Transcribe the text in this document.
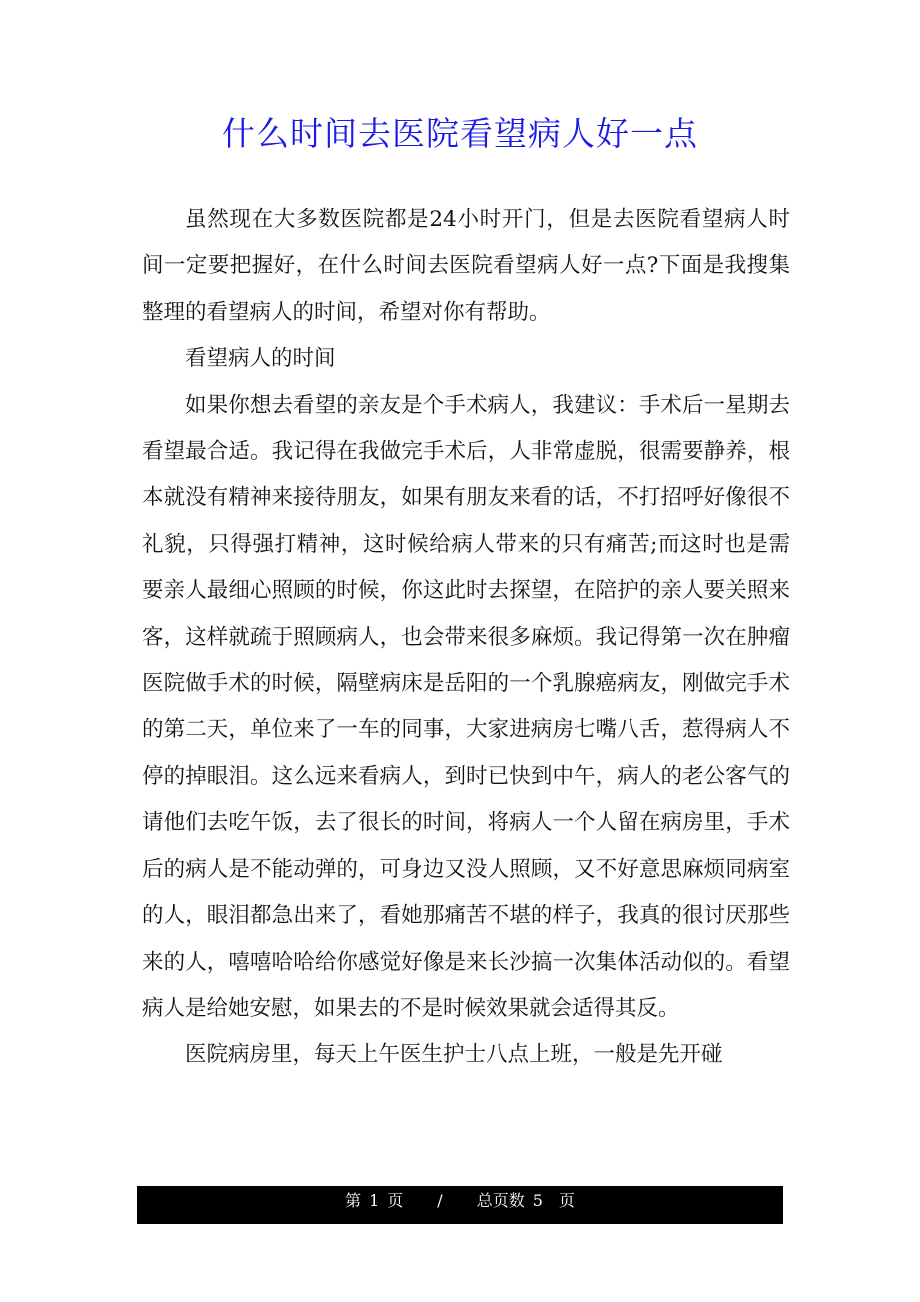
什么时间去医院看望病人好一点

虽然现在大多数医院都是24小时开门，但是去医院看望病人时间一定要把握好，在什么时间去医院看望病人好一点?下面是我搜集整理的看望病人的时间，希望对你有帮助。

看望病人的时间

如果你想去看望的亲友是个手术病人，我建议：手术后一星期去看望最合适。我记得在我做完手术后，人非常虚脱，很需要静养，根本就没有精神来接待朋友，如果有朋友来看的话，不打招呼好像很不礼貌，只得强打精神，这时候给病人带来的只有痛苦;而这时也是需要亲人最细心照顾的时候，你这此时去探望，在陪护的亲人要关照来客，这样就疏于照顾病人，也会带来很多麻烦。我记得第一次在肿瘤医院做手术的时候，隔壁病床是岳阳的一个乳腺癌病友，刚做完手术的第二天，单位来了一车的同事，大家进病房七嘴八舌，惹得病人不停的掉眼泪。这么远来看病人，到时已快到中午，病人的老公客气的请他们去吃午饭，去了很长的时间，将病人一个人留在病房里，手术后的病人是不能动弹的，可身边又没人照顾，又不好意思麻烦同病室的人，眼泪都急出来了，看她那痛苦不堪的样子，我真的很讨厌那些来的人，嘻嘻哈哈给你感觉好像是来长沙搞一次集体活动似的。看望病人是给她安慰，如果去的不是时候效果就会适得其反。

医院病房里，每天上午医生护士八点上班，一般是先开碰

第 1 页 / 总页数 5 页
